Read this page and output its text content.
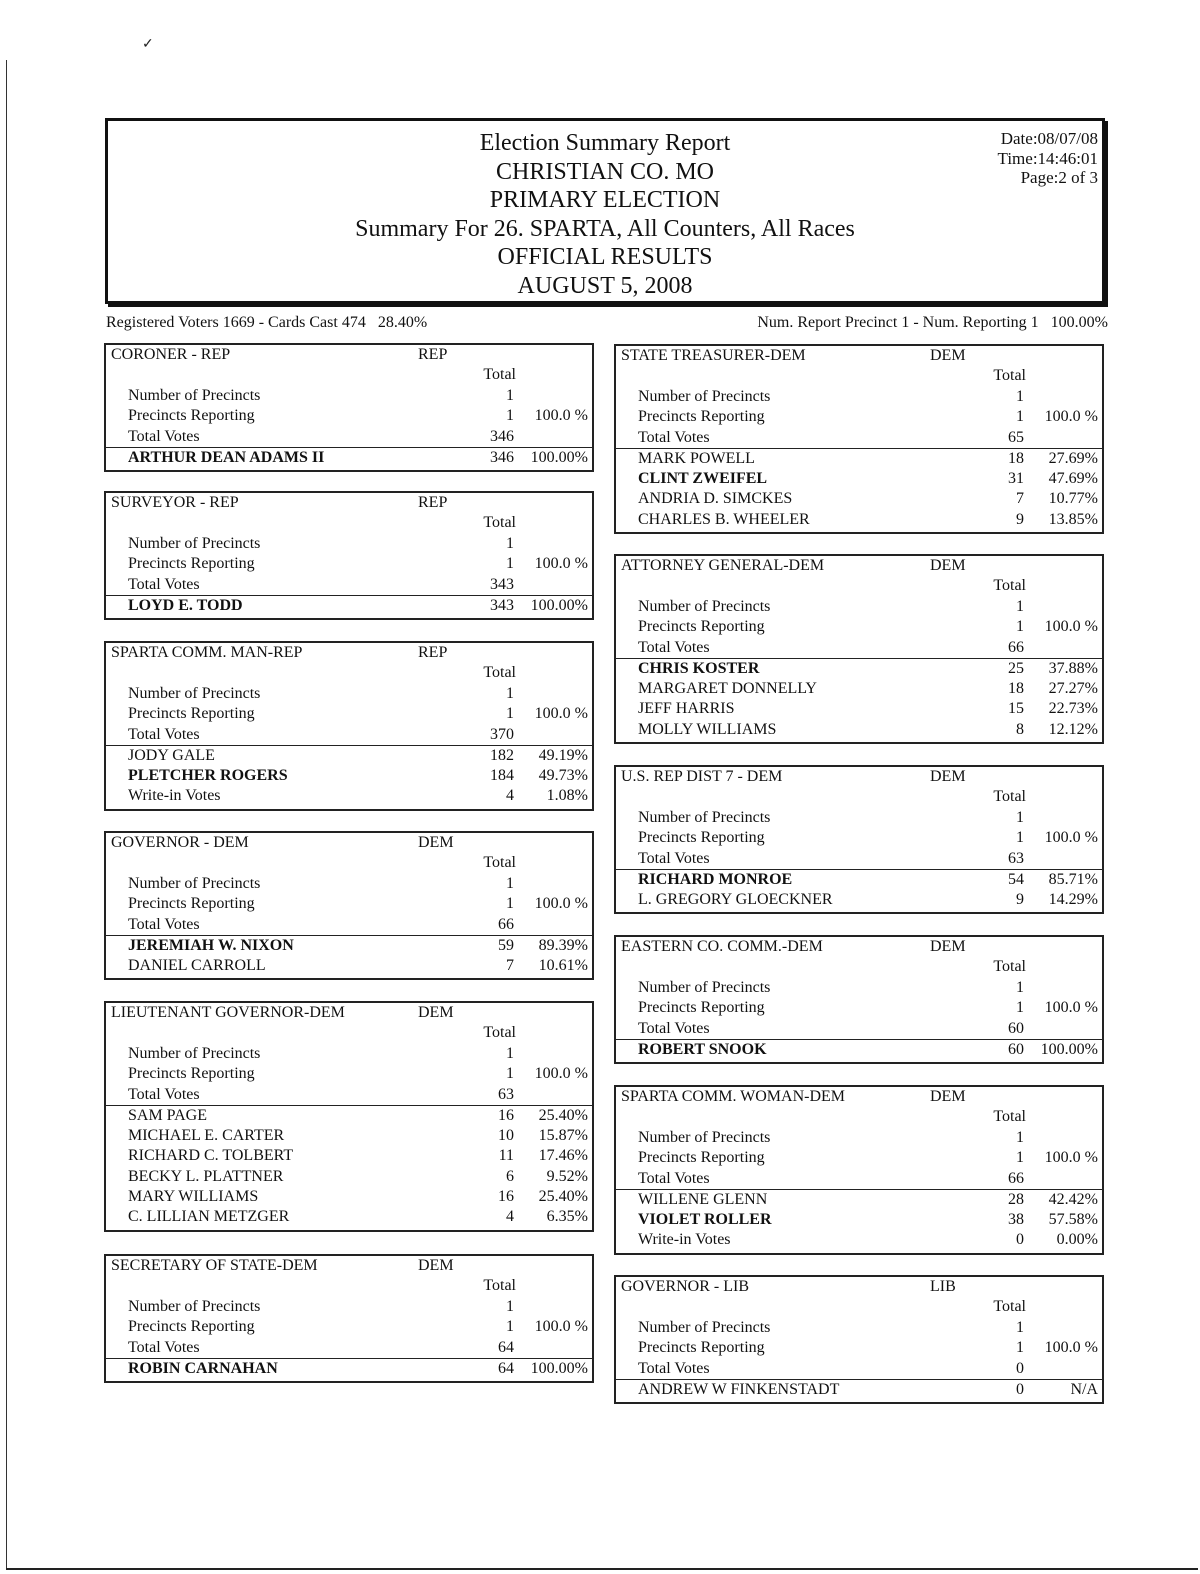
✓
Election Summary Report
CHRISTIAN CO. MO
PRIMARY ELECTION
Summary For 26. SPARTA, All Counters, All Races
OFFICIAL RESULTS
AUGUST 5, 2008
Date:08/07/08
Time:14:46:01
Page:2 of 3
Registered Voters 1669 - Cards Cast 474   28.40%	Num. Report Precinct 1 - Num. Reporting 1   100.00%
CORONER - REP	REP
Total
Number of Precincts	1
Precincts Reporting	1 100.0 %
Total Votes	346
ARTHUR DEAN ADAMS II	346 100.00%
SURVEYOR - REP	REP
Total
Number of Precincts	1
Precincts Reporting	1 100.0 %
Total Votes	343
LOYD E. TODD	343 100.00%
SPARTA COMM. MAN-REP	REP
Total
Number of Precincts	1
Precincts Reporting	1 100.0 %
Total Votes	370
JODY GALE	182 49.19%
PLETCHER ROGERS	184 49.73%
Write-in Votes	4 1.08%
GOVERNOR - DEM	DEM
Total
Number of Precincts	1
Precincts Reporting	1 100.0 %
Total Votes	66
JEREMIAH W. NIXON	59 89.39%
DANIEL CARROLL	7 10.61%
LIEUTENANT GOVERNOR-DEM	DEM
Total
Number of Precincts	1
Precincts Reporting	1 100.0 %
Total Votes	63
SAM PAGE	16 25.40%
MICHAEL E. CARTER	10 15.87%
RICHARD C. TOLBERT	11 17.46%
BECKY L. PLATTNER	6 9.52%
MARY WILLIAMS	16 25.40%
C. LILLIAN METZGER	4 6.35%
SECRETARY OF STATE-DEM	DEM
Total
Number of Precincts	1
Precincts Reporting	1 100.0 %
Total Votes	64
ROBIN CARNAHAN	64 100.00%
STATE TREASURER-DEM	DEM
Total
Number of Precincts	1
Precincts Reporting	1 100.0 %
Total Votes	65
MARK POWELL	18 27.69%
CLINT ZWEIFEL	31 47.69%
ANDRIA D. SIMCKES	7 10.77%
CHARLES B. WHEELER	9 13.85%
ATTORNEY GENERAL-DEM	DEM
Total
Number of Precincts	1
Precincts Reporting	1 100.0 %
Total Votes	66
CHRIS KOSTER	25 37.88%
MARGARET DONNELLY	18 27.27%
JEFF HARRIS	15 22.73%
MOLLY WILLIAMS	8 12.12%
U.S. REP DIST 7 - DEM	DEM
Total
Number of Precincts	1
Precincts Reporting	1 100.0 %
Total Votes	63
RICHARD MONROE	54 85.71%
L. GREGORY GLOECKNER	9 14.29%
EASTERN CO. COMM.-DEM	DEM
Total
Number of Precincts	1
Precincts Reporting	1 100.0 %
Total Votes	60
ROBERT SNOOK	60 100.00%
SPARTA COMM. WOMAN-DEM	DEM
Total
Number of Precincts	1
Precincts Reporting	1 100.0 %
Total Votes	66
WILLENE GLENN	28 42.42%
VIOLET ROLLER	38 57.58%
Write-in Votes	0 0.00%
GOVERNOR - LIB	LIB
Total
Number of Precincts	1
Precincts Reporting	1 100.0 %
Total Votes	0
ANDREW W FINKENSTADT	0	N/A
